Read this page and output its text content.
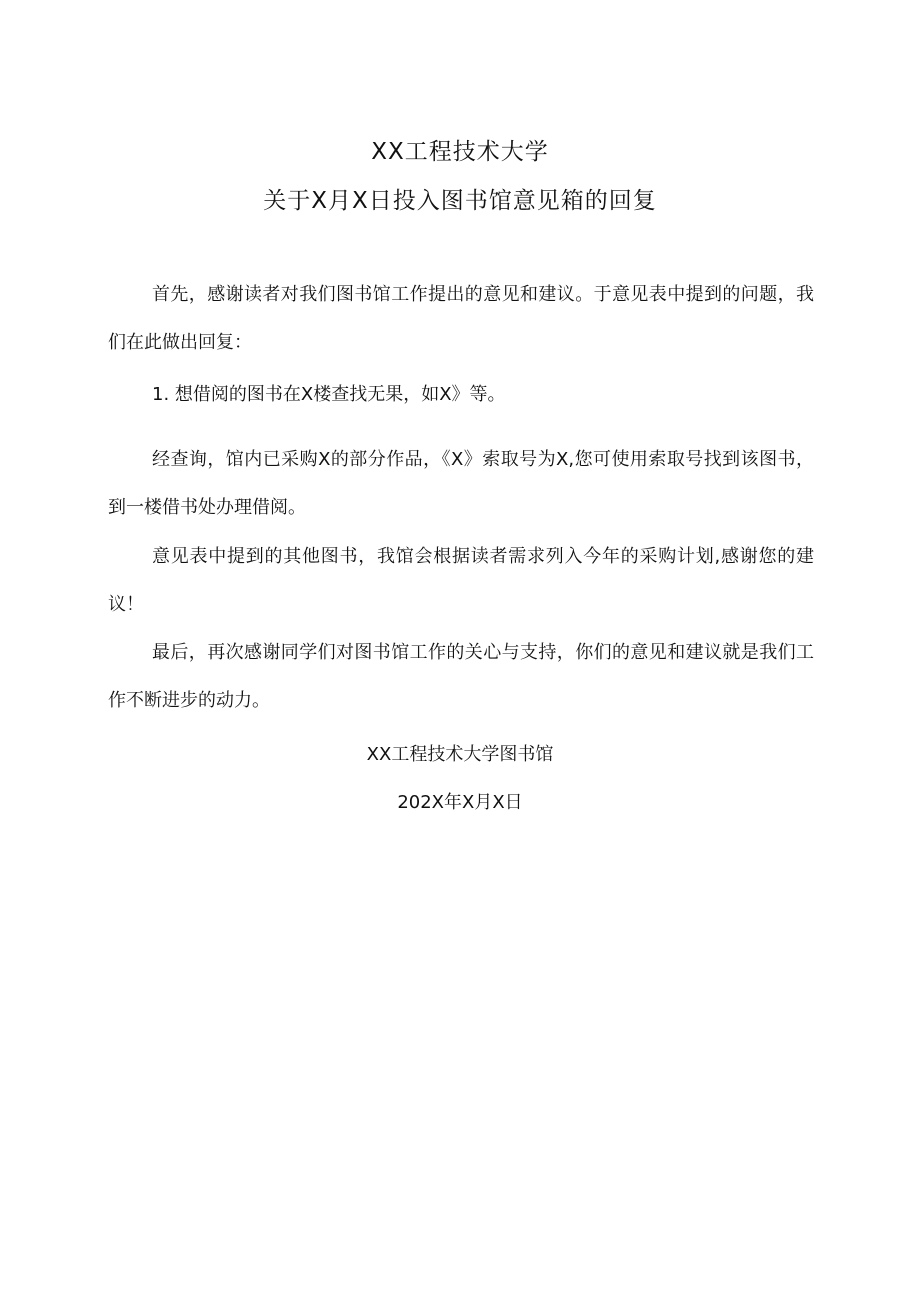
XX工程技术大学
关于X月X日投入图书馆意见箱的回复

首先，感谢读者对我们图书馆工作提出的意见和建议。于意见表中提到的问题，我们在此做出回复：

1. 想借阅的图书在X楼查找无果，如X》等。

经查询，馆内已采购X的部分作品，《X》索取号为X,您可使用索取号找到该图书，到一楼借书处办理借阅。

意见表中提到的其他图书，我馆会根据读者需求列入今年的采购计划,感谢您的建议！

最后，再次感谢同学们对图书馆工作的关心与支持，你们的意见和建议就是我们工作不断进步的动力。

XX工程技术大学图书馆
202X年X月X日
